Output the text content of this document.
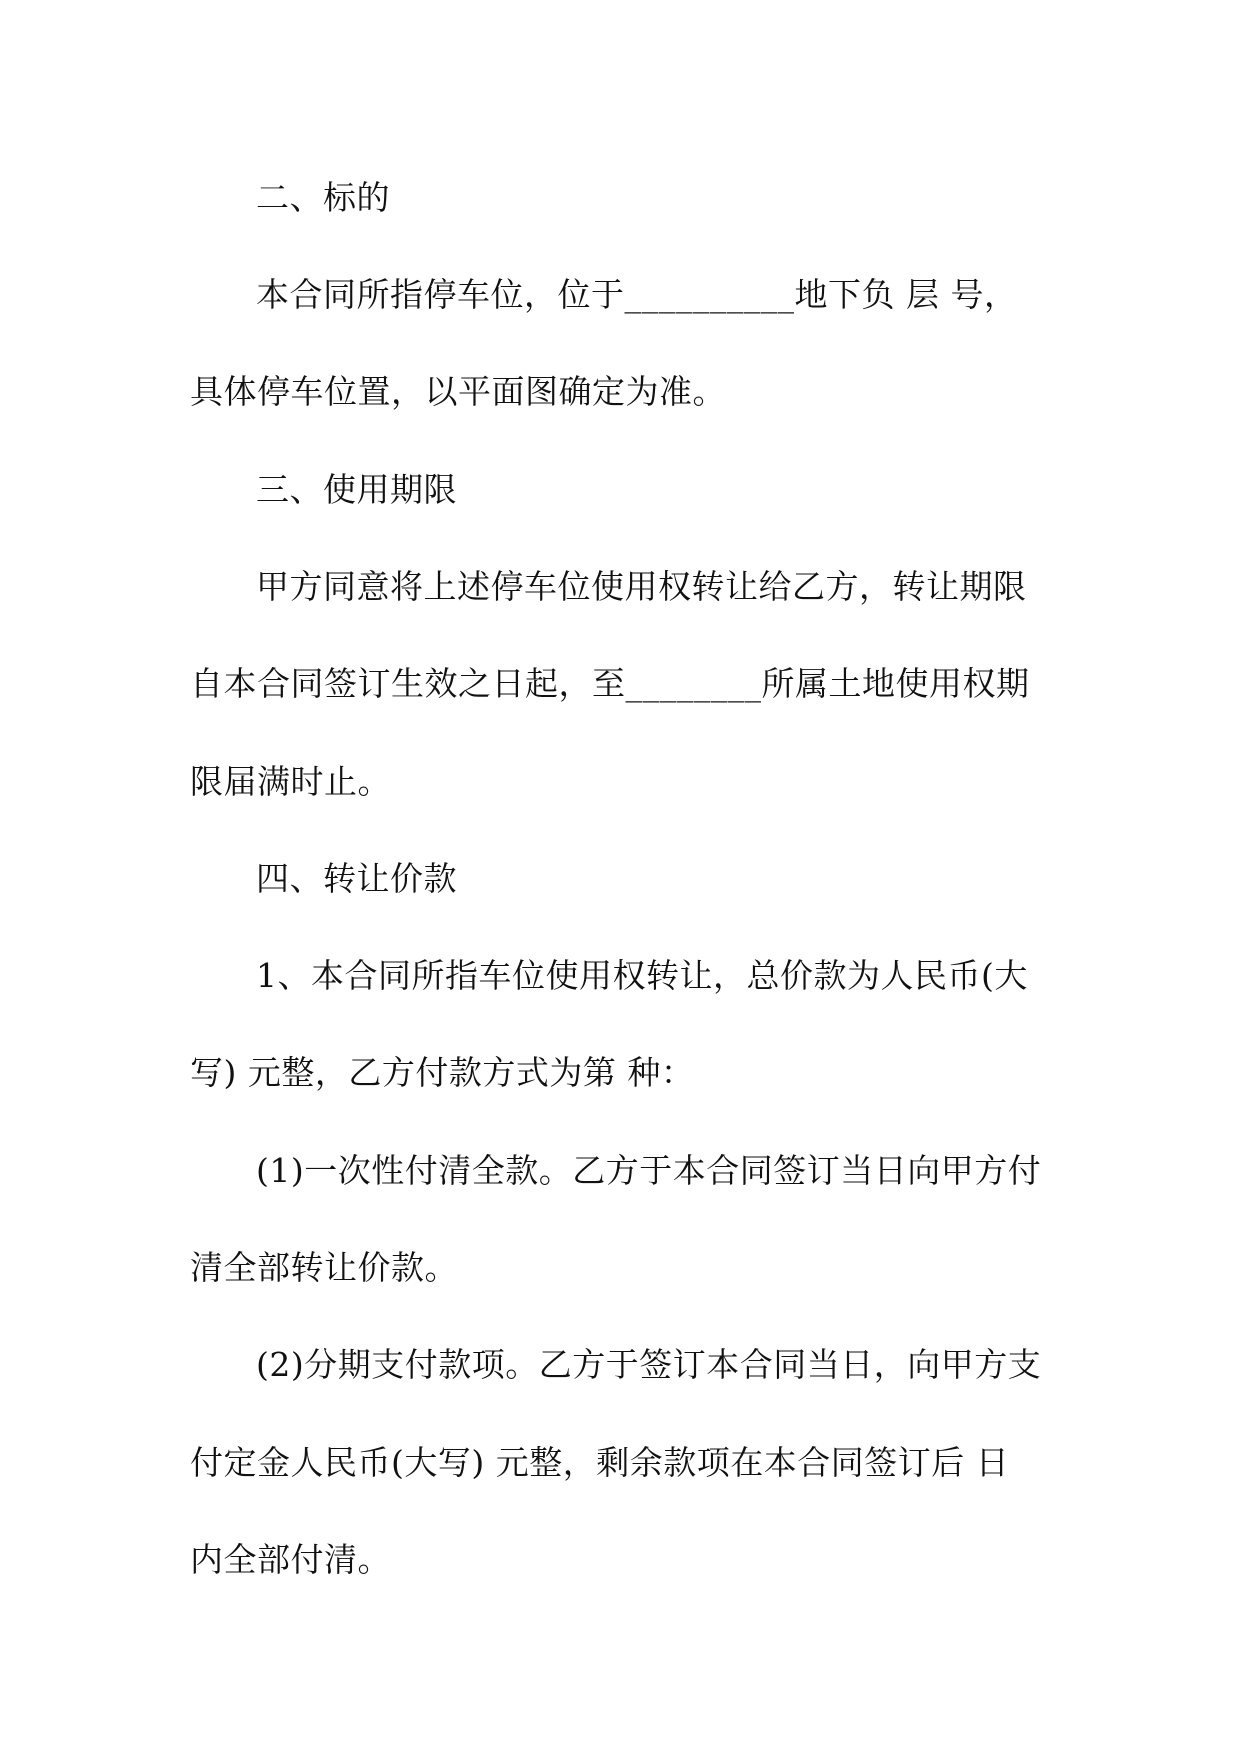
二、标的
本合同所指停车位，位于__________地下负 层 号，
具体停车位置，以平面图确定为准。
三、使用期限
甲方同意将上述停车位使用权转让给乙方，转让期限
自本合同签订生效之日起，至________所属土地使用权期
限届满时止。
四、转让价款
1、本合同所指车位使用权转让，总价款为人民币(大
写) 元整，乙方付款方式为第 种：
(1)一次性付清全款。乙方于本合同签订当日向甲方付
清全部转让价款。
(2)分期支付款项。乙方于签订本合同当日，向甲方支
付定金人民币(大写) 元整，剩余款项在本合同签订后 日
内全部付清。
